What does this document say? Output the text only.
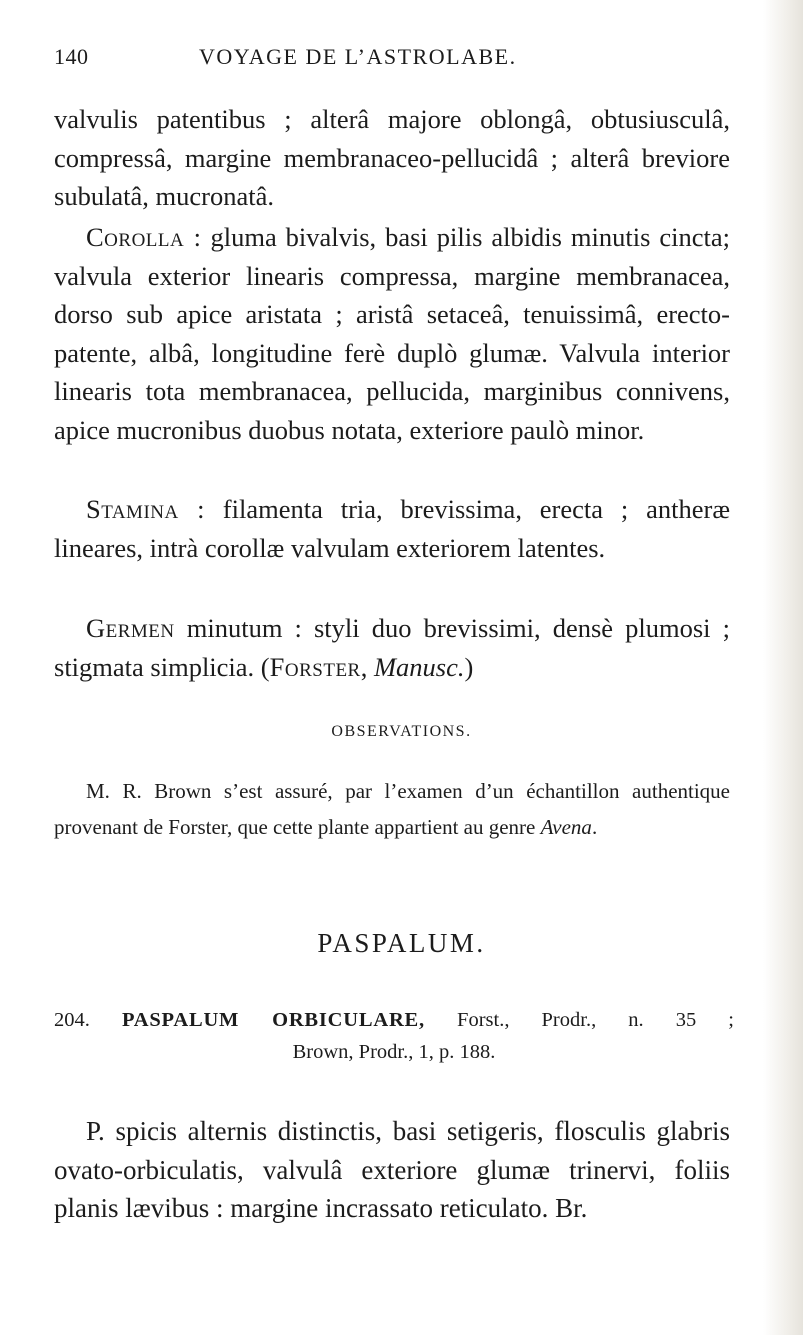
140	VOYAGE DE L’ASTROLABE.

valvulis patentibus ; alterâ majore oblongâ, obtusiusculâ, compressâ, margine membranaceo-pellucidâ ; alterâ breviore subulatâ, mucronatâ.

Corolla : gluma bivalvis, basi pilis albidis minutis cincta; valvula exterior linearis compressa, margine membranacea, dorso sub apice aristata ; aristâ setaceâ, tenuissimâ, erecto-patente, albâ, longitudine ferè duplò glumæ. Valvula interior linearis tota membranacea, pellucida, marginibus connivens, apice mucronibus duobus notata, exteriore paulò minor.

Stamina : filamenta tria, brevissima, erecta ; antheræ lineares, intrà corollæ valvulam exteriorem latentes.

Germen minutum : styli duo brevissimi, densè plumosi ; stigmata simplicia. (Forster, Manusc.)

OBSERVATIONS.

M. R. Brown s’est assuré, par l’examen d’un échantillon authentique provenant de Forster, que cette plante appartient au genre Avena.

PASPALUM.
204. PASPALUM ORBICULARE, Forst., Prodr., n. 35 ;
Brown, Prodr., 1, p. 188.

P. spicis alternis distinctis, basi setigeris, flosculis glabris ovato-orbiculatis, valvulâ exteriore glumæ trinervi, foliis planis lævibus : margine incrassato reticulato. Br.
